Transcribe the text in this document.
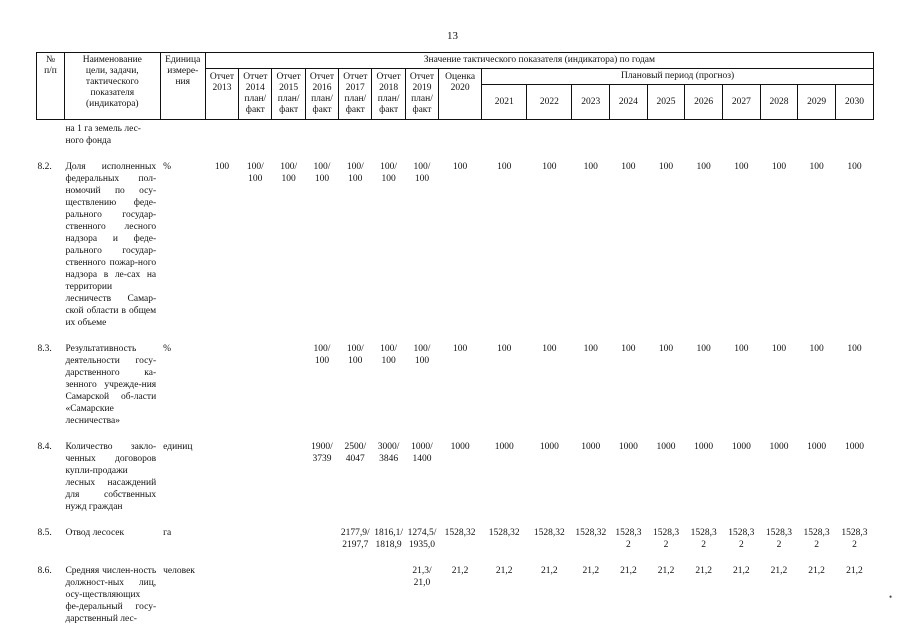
13
№
п/п	Наименование
цели, задачи,
тактического
показателя
(индикатора)	Единица
измере-
ния	Значение тактического показателя (индикатора) по годам																	
			Отчет
2013	Отчет
2014
план/
факт	Отчет
2015
план/
факт	Отчет
2016
план/
факт	Отчет
2017
план/
факт	Отчет
2018
план/
факт	Отчет
2019
план/
факт	Оценка
2020	Плановый период (прогноз)									
											2021	2022	2023	2024	2025	2026	2027	2028	2029	2030
	на 1 га земель лес-
ного фонда																			

8.2.	Доля исполненных федеральных пол-номочий по осу-ществлению феде-рального государ-ственного лесного надзора и феде-рального государ-ственного пожар-ного надзора в ле-сах на территории лесничеств Самар-ской области в общем их объеме	%	100	100/
100	100/
100	100/
100	100/
100	100/
100	100/
100	100	100	100	100	100	100	100	100	100	100	100

8.3.	Результативность деятельности госу-дарственного ка-зенного учрежде-ния Самарской об-ласти «Самарские лесничества»	%				100/
100	100/
100	100/
100	100/
100	100	100	100	100	100	100	100	100	100	100	100

8.4.	Количество закло-ченных договоров купли-продажи лесных насаждений для собственных нужд граждан	единиц				1900/
3739	2500/
4047	3000/
3846	1000/
1400	1000	1000	1000	1000	1000	1000	1000	1000	1000	1000	1000

8.5.	Отвод лесосек	га					2177,9/
2197,7	1816,1/
1818,9	1274,5/
1935,0	1528,32	1528,32	1528,32	1528,32	1528,3
2	1528,3
2	1528,3
2	1528,3
2	1528,3
2	1528,3
2	1528,3
2

8.6.	Средняя числен-ность должност-ных лиц, осу-ществляющих фе-деральный госу-дарственный лес-	человек							21,3/
21,0	21,2	21,2	21,2	21,2	21,2	21,2	21,2	21,2	21,2	21,2	21,2

•
